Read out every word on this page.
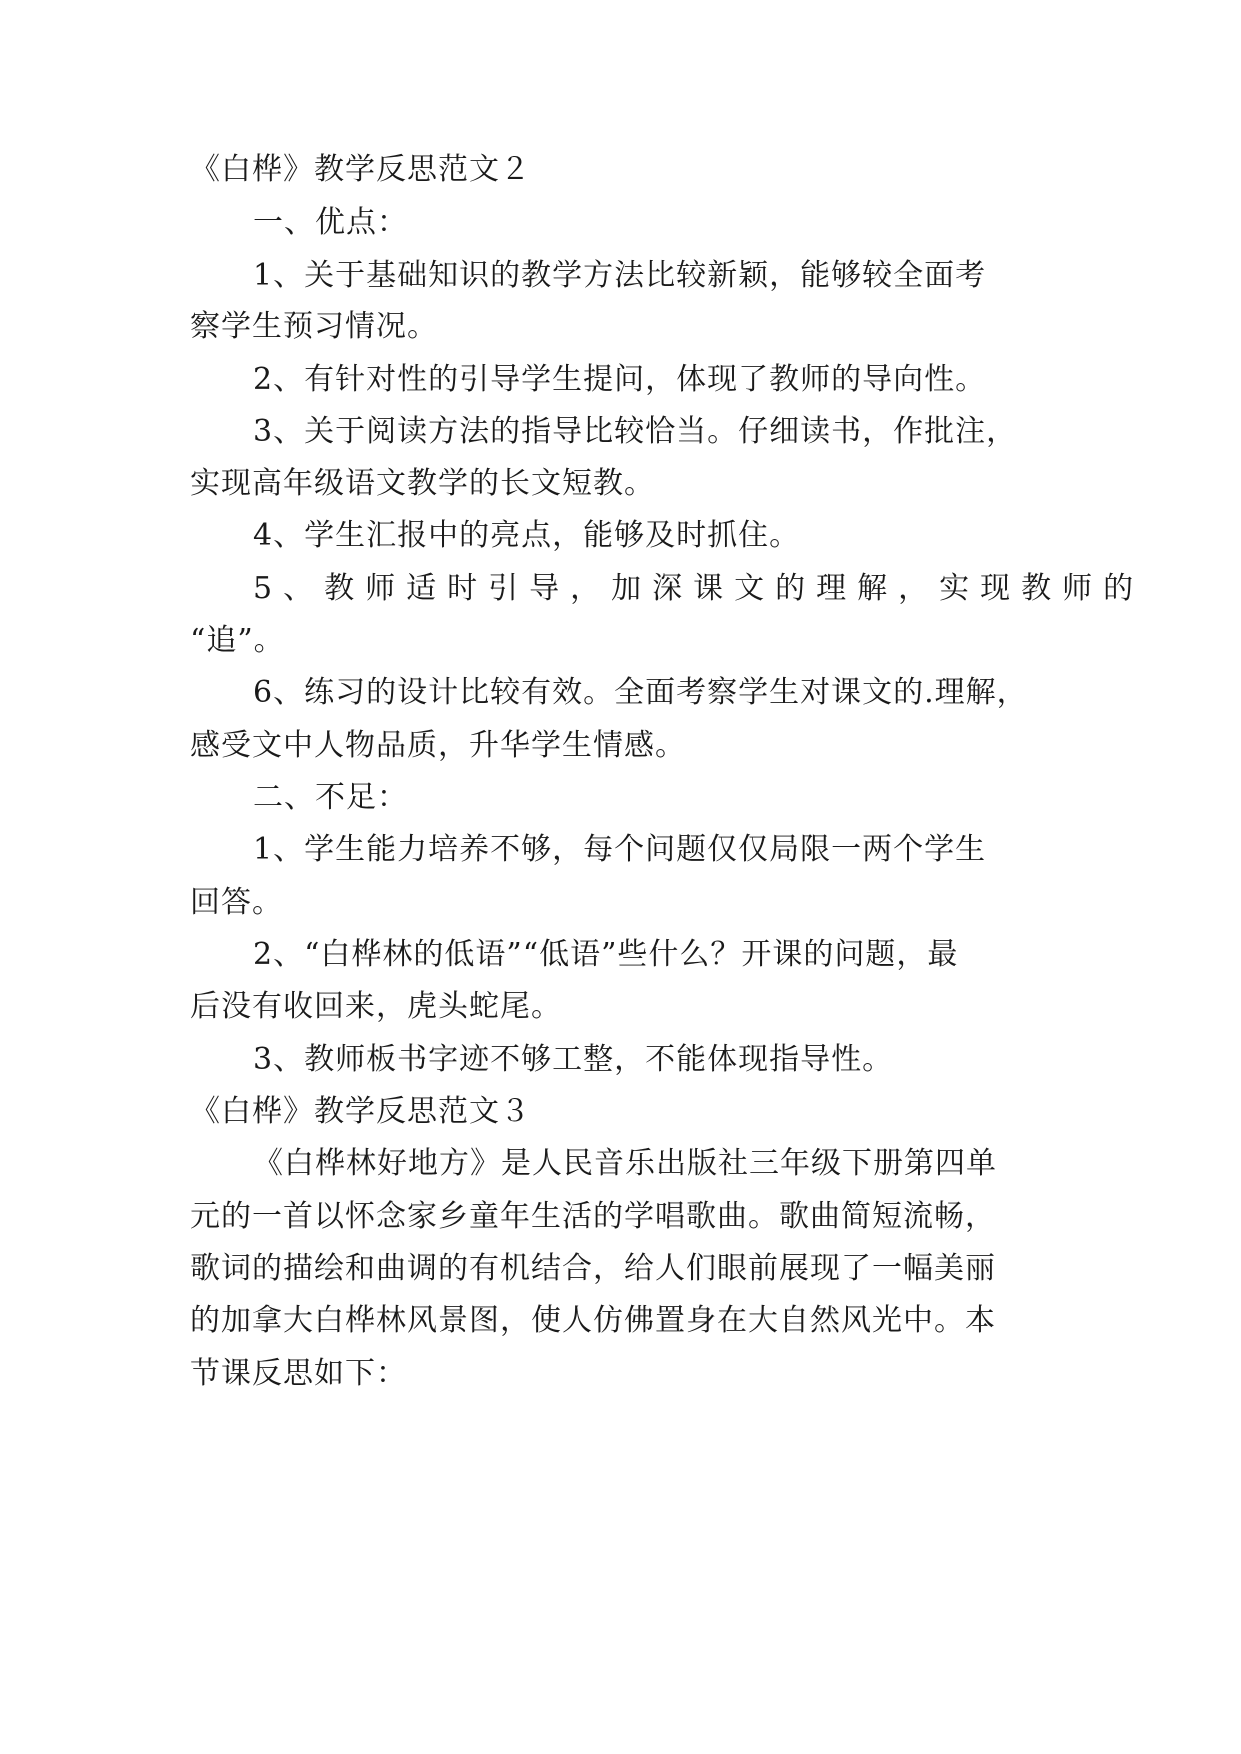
《白桦》教学反思范文２

一、优点：

1、关于基础知识的教学方法比较新颖，能够较全面考

察学生预习情况。

2、有针对性的引导学生提问，体现了教师的导向性。

3、关于阅读方法的指导比较恰当。仔细读书，作批注，

实现高年级语文教学的长文短教。

4、学生汇报中的亮点，能够及时抓住。

5、教师适时引导，加深课文的理解，实现教师的

“追”。

6、练习的设计比较有效。全面考察学生对课文的.理解，

感受文中人物品质，升华学生情感。

二、不足：

1、学生能力培养不够，每个问题仅仅局限一两个学生

回答。

2、“白桦林的低语”“低语”些什么？开课的问题，最

后没有收回来，虎头蛇尾。

3、教师板书字迹不够工整，不能体现指导性。

《白桦》教学反思范文３

《白桦林好地方》是人民音乐出版社三年级下册第四单

元的一首以怀念家乡童年生活的学唱歌曲。歌曲简短流畅，

歌词的描绘和曲调的有机结合，给人们眼前展现了一幅美丽

的加拿大白桦林风景图，使人仿佛置身在大自然风光中。本

节课反思如下：
